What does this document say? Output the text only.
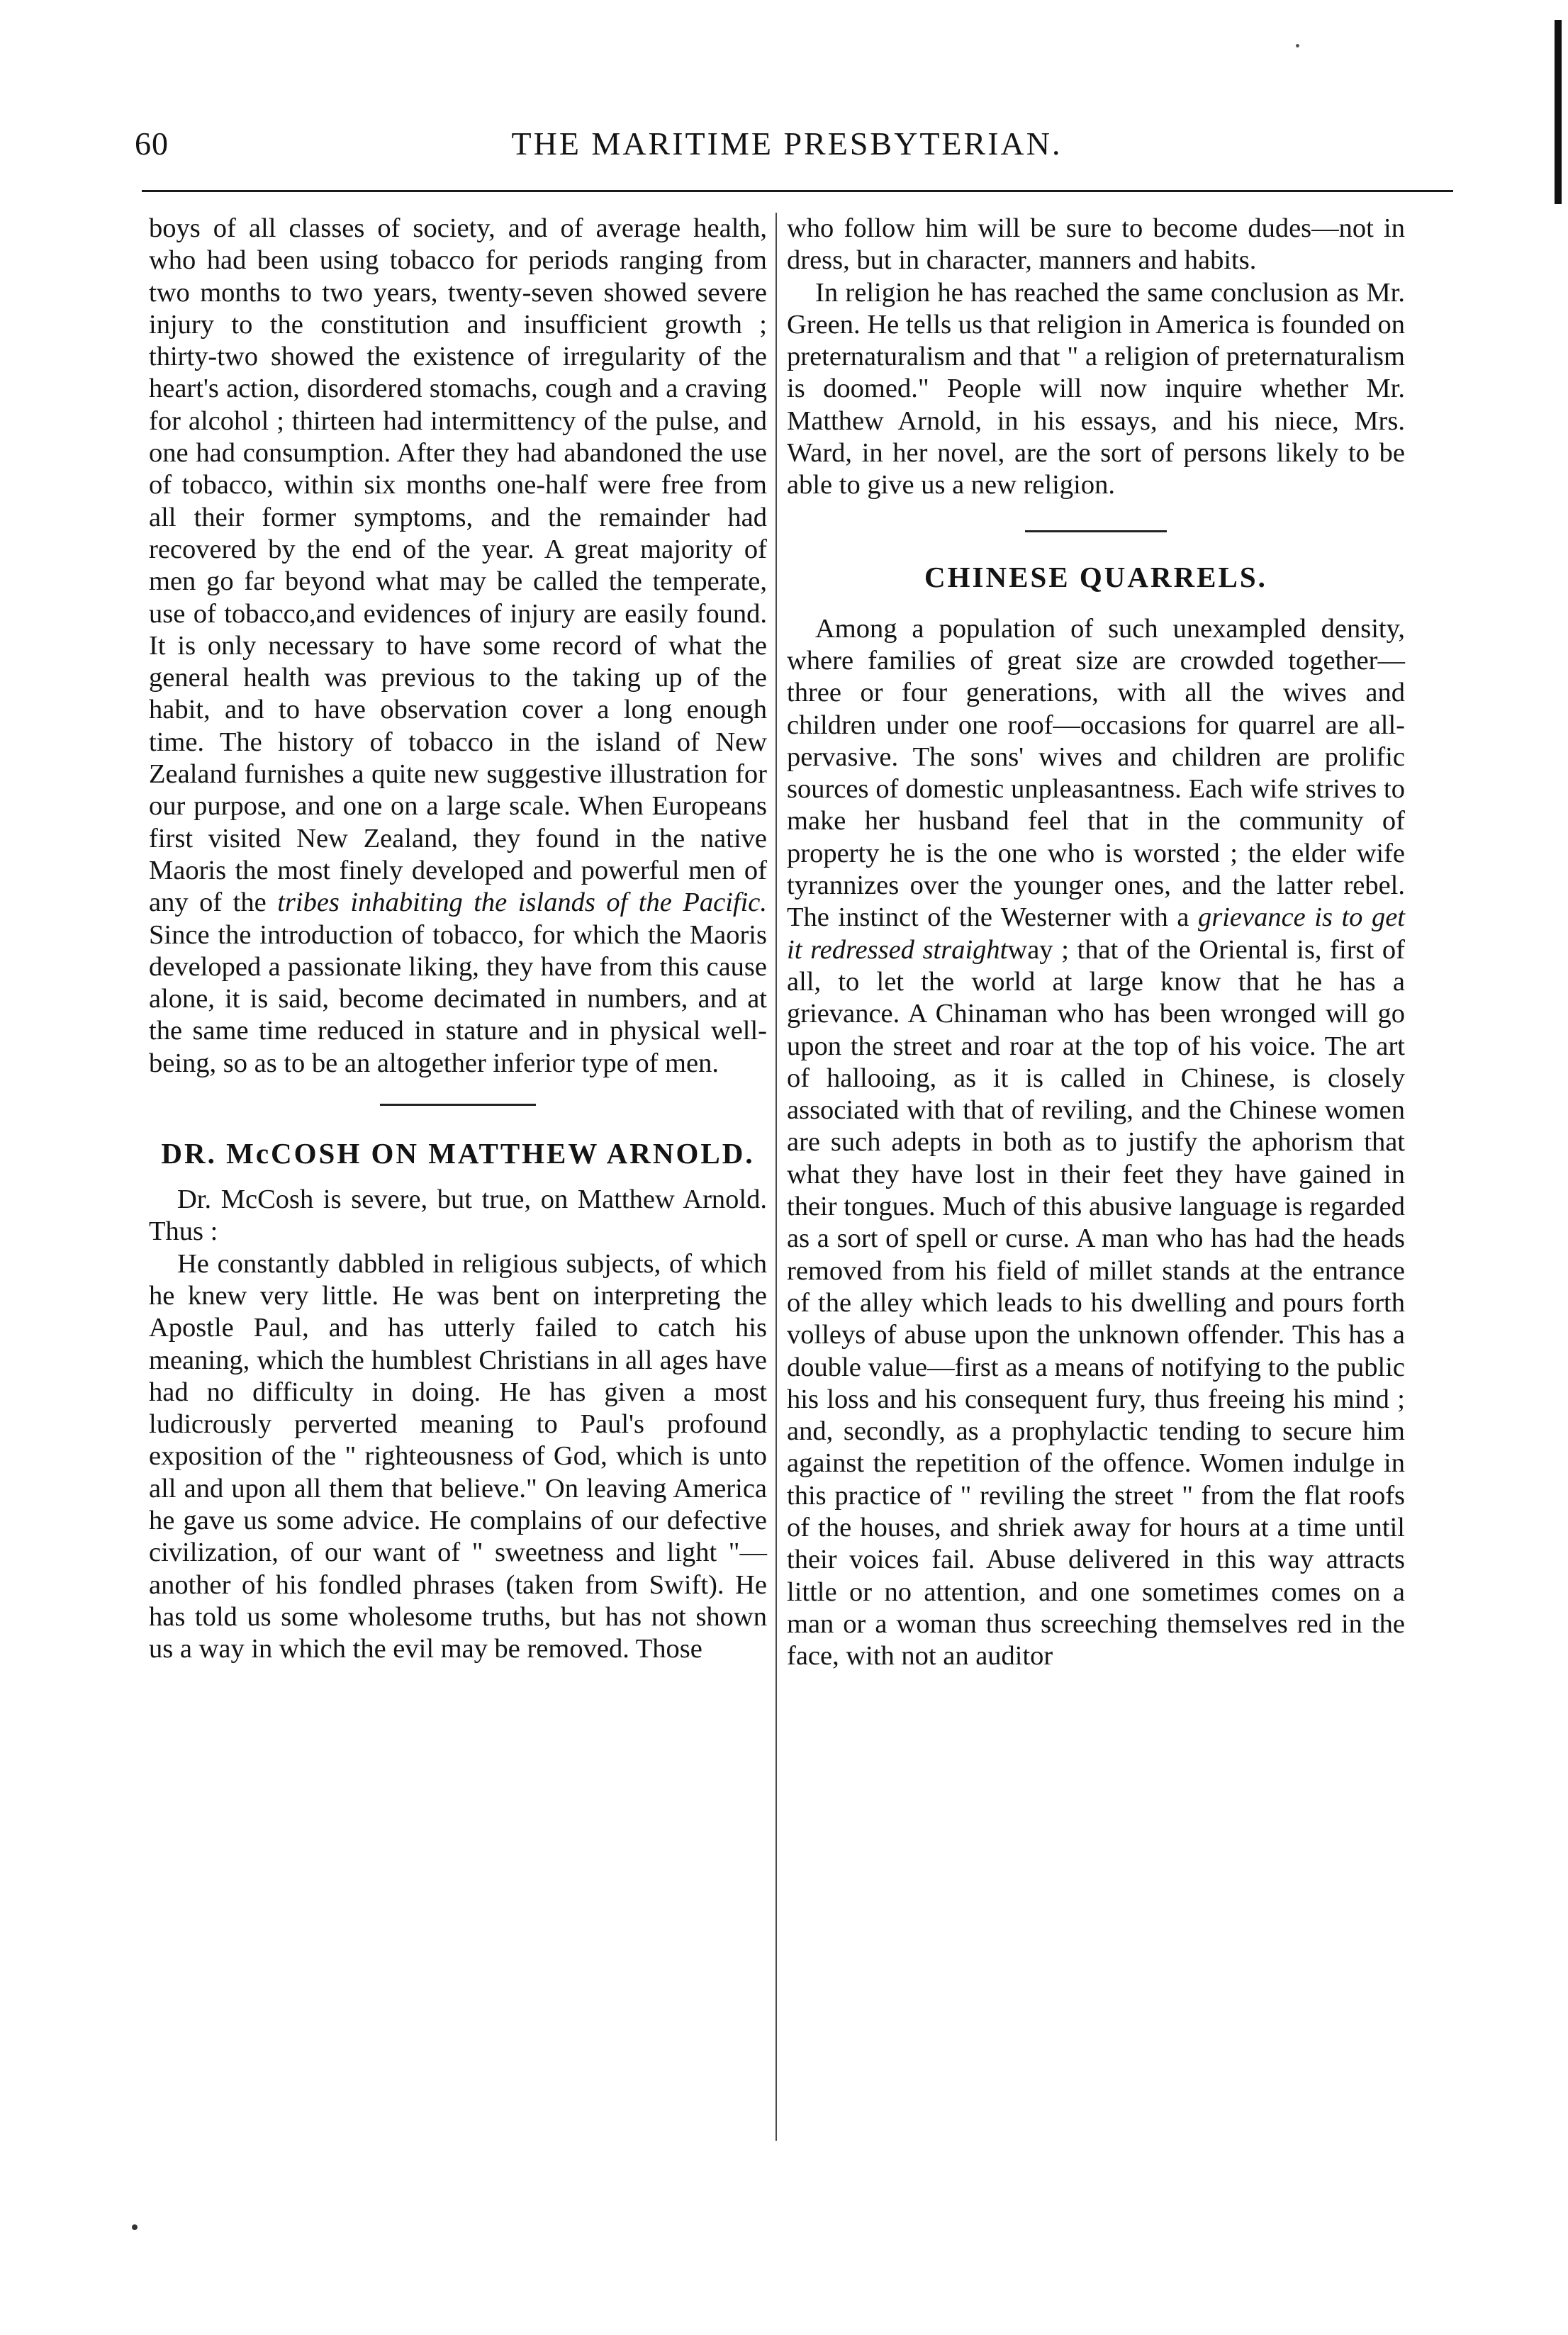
60	THE MARITIME PRESBYTERIAN.

boys of all classes of society, and of average health, who had been using tobacco for periods ranging from two months to two years, twenty-seven showed severe injury to the constitution and insufficient growth ; thirty-two showed the existence of irregularity of the heart's action, disordered stomachs, cough and a craving for alcohol ; thirteen had intermittency of the pulse, and one had consumption. After they had abandoned the use of tobacco, within six months one-half were free from all their former symptoms, and the remainder had recovered by the end of the year. A great majority of men go far beyond what may be called the temperate, use of tobacco,and evidences of injury are easily found. It is only necessary to have some record of what the general health was previous to the taking up of the habit, and to have observation cover a long enough time. The history of tobacco in the island of New Zealand furnishes a quite new suggestive illustration for our purpose, and one on a large scale. When Europeans first visited New Zealand, they found in the native Maoris the most finely developed and powerful men of any of the tribes inhabiting the islands of the Pacific. Since the introduction of tobacco, for which the Maoris developed a passionate liking, they have from this cause alone, it is said, become decimated in numbers, and at the same time reduced in stature and in physical well-being, so as to be an altogether inferior type of men.

DR. McCOSH ON MATTHEW ARNOLD.

Dr. McCosh is severe, but true, on Matthew Arnold. Thus :

He constantly dabbled in religious subjects, of which he knew very little. He was bent on interpreting the Apostle Paul, and has utterly failed to catch his meaning, which the humblest Christians in all ages have had no difficulty in doing. He has given a most ludicrously perverted meaning to Paul's profound exposition of the " righteousness of God, which is unto all and upon all them that believe." On leaving America he gave us some advice. He complains of our defective civilization, of our want of " sweetness and light "— another of his fondled phrases (taken from Swift). He has told us some wholesome truths, but has not shown us a way in which the evil may be removed. Those

who follow him will be sure to become dudes—not in dress, but in character, manners and habits.

In religion he has reached the same conclusion as Mr. Green. He tells us that religion in America is founded on preternaturalism and that " a religion of preternaturalism is doomed." People will now inquire whether Mr. Matthew Arnold, in his essays, and his niece, Mrs. Ward, in her novel, are the sort of persons likely to be able to give us a new religion.

CHINESE QUARRELS.

Among a population of such unexampled density, where families of great size are crowded together—three or four generations, with all the wives and children under one roof—occasions for quarrel are all-pervasive. The sons' wives and children are prolific sources of domestic unpleasantness. Each wife strives to make her husband feel that in the community of property he is the one who is worsted ; the elder wife tyrannizes over the younger ones, and the latter rebel. The instinct of the Westerner with a grievance is to get it redressed straightway ; that of the Oriental is, first of all, to let the world at large know that he has a grievance. A Chinaman who has been wronged will go upon the street and roar at the top of his voice. The art of hallooing, as it is called in Chinese, is closely associated with that of reviling, and the Chinese women are such adepts in both as to justify the aphorism that what they have lost in their feet they have gained in their tongues. Much of this abusive language is regarded as a sort of spell or curse. A man who has had the heads removed from his field of millet stands at the entrance of the alley which leads to his dwelling and pours forth volleys of abuse upon the unknown offender. This has a double value—first as a means of notifying to the public his loss and his consequent fury, thus freeing his mind ; and, secondly, as a prophylactic tending to secure him against the repetition of the offence. Women indulge in this practice of " reviling the street " from the flat roofs of the houses, and shriek away for hours at a time until their voices fail. Abuse delivered in this way attracts little or no attention, and one sometimes comes on a man or a woman thus screeching themselves red in the face, with not an auditor
